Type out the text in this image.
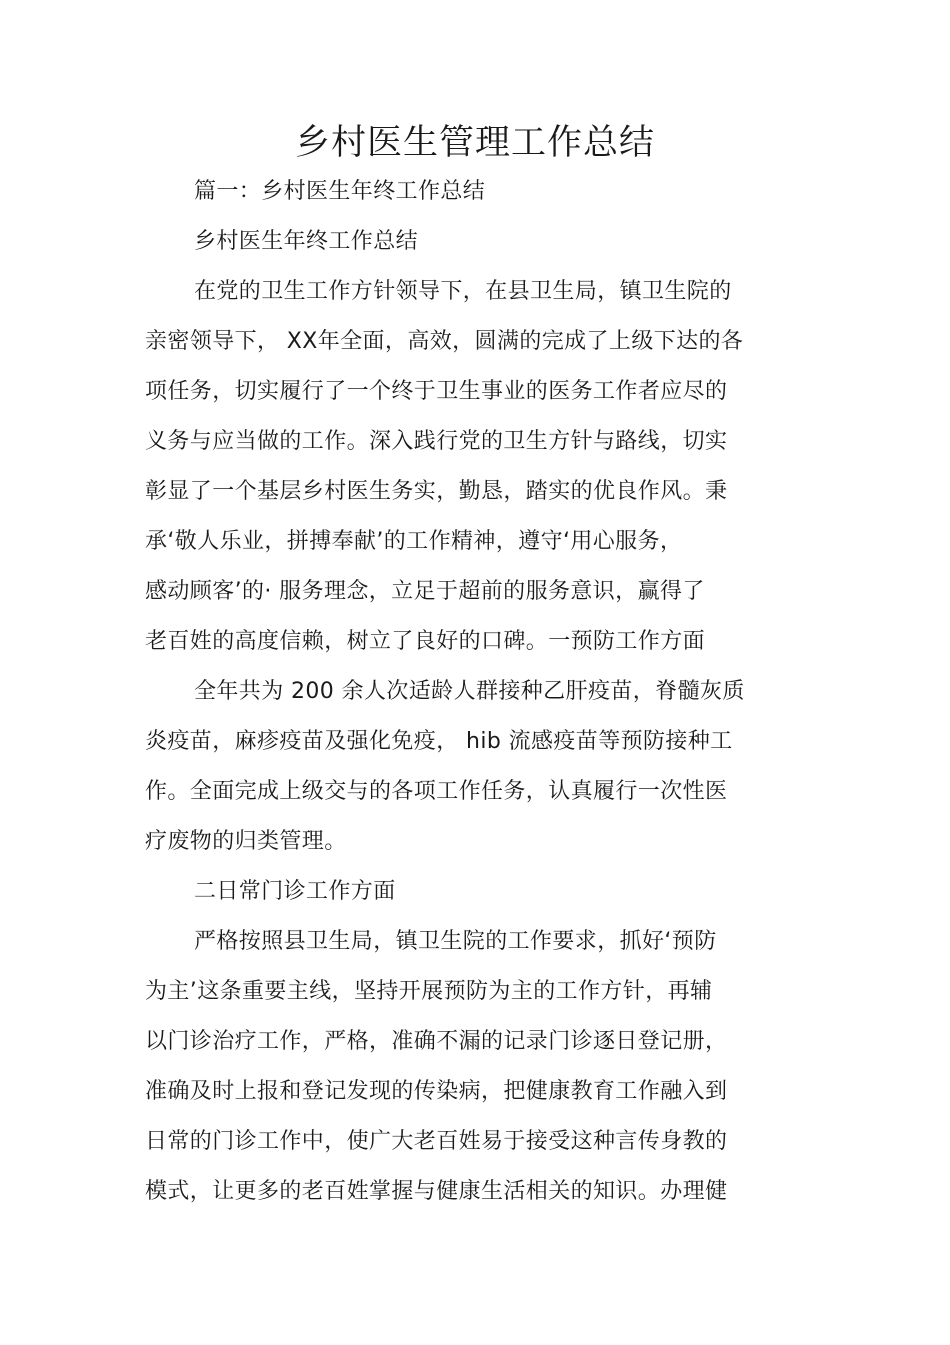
乡村医生管理工作总结
篇一：乡村医生年终工作总结
乡村医生年终工作总结
在党的卫生工作方针领导下，在县卫生局，镇卫生院的
亲密领导下， XX年全面，高效，圆满的完成了上级下达的各
项任务，切实履行了一个终于卫生事业的医务工作者应尽的
义务与应当做的工作。深入践行党的卫生方针与路线，切实
彰显了一个基层乡村医生务实，勤恳，踏实的优良作风。秉
承‘敬人乐业，拼搏奉献’的工作精神，遵守‘用心服务，
感动顾客’的· 服务理念，立足于超前的服务意识，赢得了
老百姓的高度信赖，树立了良好的口碑。一预防工作方面
全年共为 200 余人次适龄人群接种乙肝疫苗，脊髓灰质
炎疫苗，麻疹疫苗及强化免疫， hib 流感疫苗等预防接种工
作。全面完成上级交与的各项工作任务，认真履行一次性医
疗废物的归类管理。
二日常门诊工作方面
严格按照县卫生局，镇卫生院的工作要求，抓好‘预防
为主’这条重要主线，坚持开展预防为主的工作方针，再辅
以门诊治疗工作，严格，准确不漏的记录门诊逐日登记册，
准确及时上报和登记发现的传染病，把健康教育工作融入到
日常的门诊工作中，使广大老百姓易于接受这种言传身教的
模式，让更多的老百姓掌握与健康生活相关的知识。办理健
